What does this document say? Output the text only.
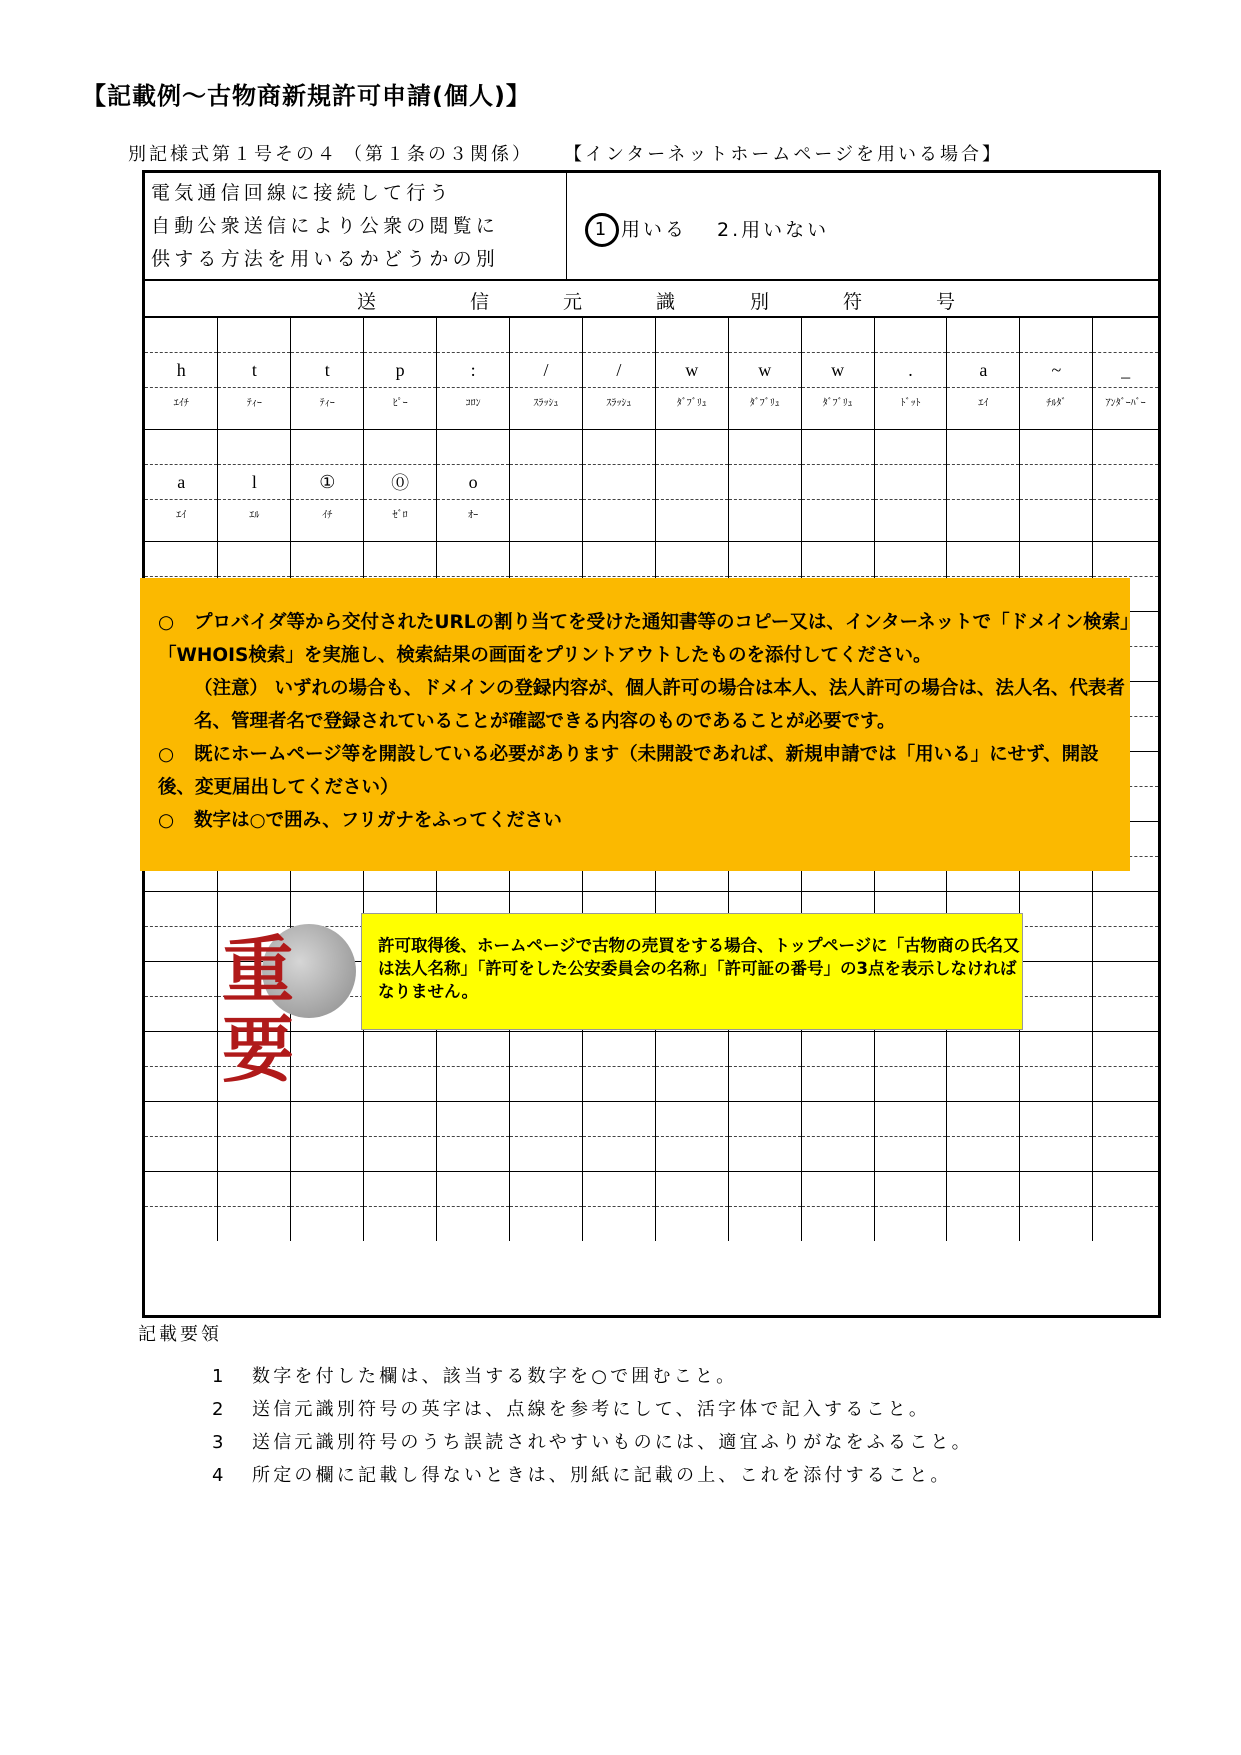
【記載例～古物商新規許可申請(個人)】
別記様式第１号その４ （第１条の３関係） 【インターネットホームページを用いる場合】
電気通信回線に接続して行う
自動公衆送信により公衆の閲覧に
供する方法を用いるかどうかの別
1 用いる 2.用いない
送	信	元	識	別	符	号

h	t	t	p	:	/	/	w	w	w	.	a	~	_
ｴｲﾁ	ﾃｨｰ	ﾃｨｰ	ﾋﾟｰ	ｺﾛﾝ	ｽﾗｯｼｭ	ｽﾗｯｼｭ	ﾀﾞﾌﾞﾘｭ	ﾀﾞﾌﾞﾘｭ	ﾀﾞﾌﾞﾘｭ	ﾄﾞｯﾄ	ｴｲ	ﾁﾙﾀﾞ	ｱﾝﾀﾞｰﾊﾞｰ

a	l	①	⓪	o									
ｴｲ	ｴﾙ	ｲﾁ	ｾﾞﾛ	ｵｰ									

○ プロバイダ等から交付されたURLの割り当てを受けた通知書等のコピー又は、インターネットで「ドメイン検索」「WHOIS検索」を実施し、検索結果の画面をプリントアウトしたものを添付してください。

（注意） いずれの場合も、ドメインの登録内容が、個人許可の場合は本人、法人許可の場合は、法人名、代表者名、管理者名で登録されていることが確認できる内容のものであることが必要です。

○ 既にホームページ等を開設している必要があります（未開設であれば、新規申請では「用いる」にせず、開設後、変更届出してください）

○ 数字は○で囲み、フリガナをふってください

重要

許可取得後、ホームページで古物の売買をする場合、トップページに「古物商の氏名又は法人名称」「許可をした公安委員会の名称」「許可証の番号」の3点を表示しなければなりません。

記載要領
1 数字を付した欄は、該当する数字を○で囲むこと。
2 送信元識別符号の英字は、点線を参考にして、活字体で記入すること。
3 送信元識別符号のうち誤読されやすいものには、適宜ふりがなをふること。
4 所定の欄に記載し得ないときは、別紙に記載の上、これを添付すること。
